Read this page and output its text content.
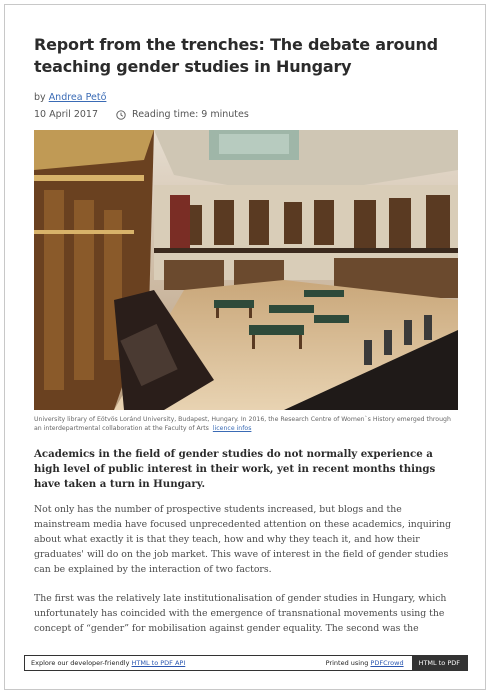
Report from the trenches: The debate around teaching gender studies in Hungary
by Andrea Pető
10 April 2017	Reading time: 9 minutes
University library of Eötvös Loránd University, Budapest, Hungary. In 2016, the Research Centre of Women`s History emerged through an interdepartmental collaboration at the Faculty of Arts licence infos

Academics in the field of gender studies do not normally experience a high level of public interest in their work, yet in recent months things have taken a turn in Hungary.

Not only has the number of prospective students increased, but blogs and the mainstream media have focused unprecedented attention on these academics, inquiring about what exactly it is that they teach, how and why they teach it, and how their graduates' will do on the job market. This wave of interest in the field of gender studies can be explained by the interaction of two factors.

The first was the relatively late institutionalisation of gender studies in Hungary, which unfortunately has coincided with the emergence of transnational movements using the concept of “gender” for mobilisation against gender equality. The second was the

Explore our developer-friendly HTML to PDF API	Printed using PDFCrowd	HTML to PDF
